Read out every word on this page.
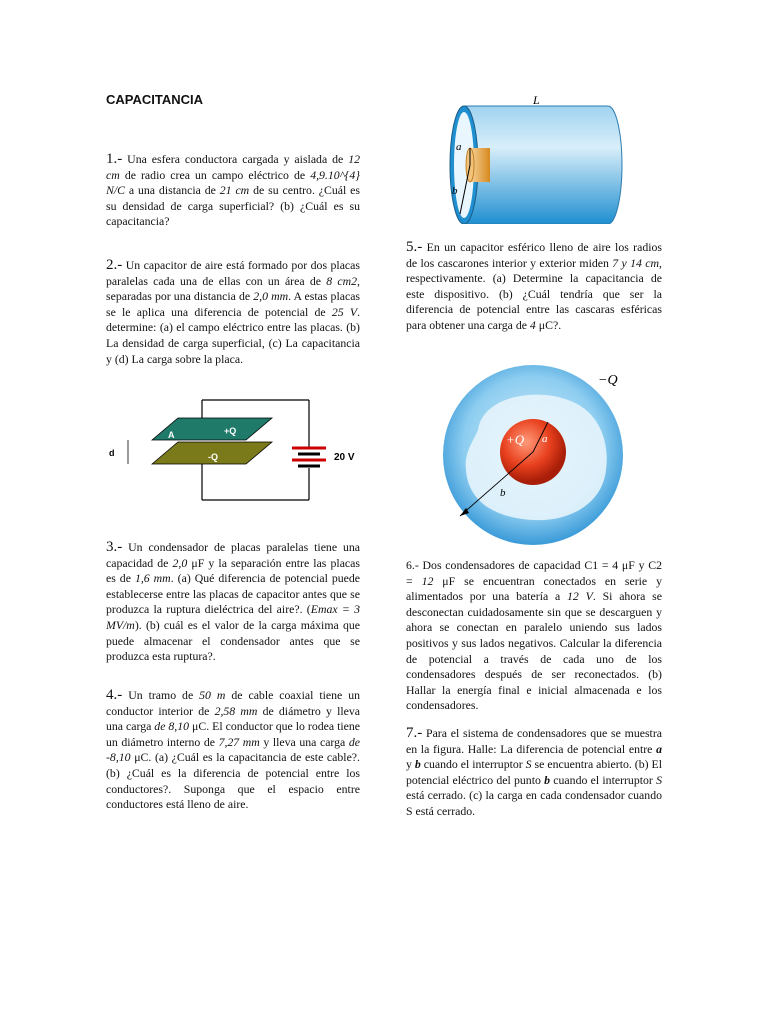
CAPACITANCIA
1.- Una esfera conductora cargada y aislada de 12 cm de radio crea un campo eléctrico de 4,9.10^{4} N/C a una distancia de 21 cm de su centro. ¿Cuál es su densidad de carga superficial? (b) ¿Cuál es su capacitancia?
2.- Un capacitor de aire está formado por dos placas paralelas cada una de ellas con un área de 8 cm2, separadas por una distancia de 2,0 mm. A estas placas se le aplica una diferencia de potencial de 25 V. determine: (a) el campo eléctrico entre las placas. (b) La densidad de carga superficial, (c) La capacitancia y (d) La carga sobre la placa.
+Q
A
-Q
d	20 V
3.- Un condensador de placas paralelas tiene una capacidad de 2,0 μF y la separación entre las placas es de 1,6 mm. (a) Qué diferencia de potencial puede establecerse entre las placas de capacitor antes que se produzca la ruptura dieléctrica del aire?. (Emax = 3 MV/m). (b) cuál es el valor de la carga máxima que puede almacenar el condensador antes que se produzca esta ruptura?.
4.- Un tramo de 50 m de cable coaxial tiene un conductor interior de 2,58 mm de diámetro y lleva una carga de 8,10 μC. El conductor que lo rodea tiene un diámetro interno de 7,27 mm y lleva una carga de -8,10 μC. (a) ¿Cuál es la capacitancia de este cable?. (b) ¿Cuál es la diferencia de potencial entre los conductores?. Suponga que el espacio entre conductores está lleno de aire.
L
a
b
5.- En un capacitor esférico lleno de aire los radios de los cascarones interior y exterior miden 7 y 14 cm, respectivamente. (a) Determine la capacitancia de este dispositivo. (b) ¿Cuál tendría que ser la diferencia de potencial entre las cascaras esféricas para obtener una carga de 4 μC?.
−Q
+Q a
b
6.- Dos condensadores de capacidad C1 = 4 μF y C2 = 12 μF se encuentran conectados en serie y alimentados por una batería a 12 V. Si ahora se desconectan cuidadosamente sin que se descarguen y ahora se conectan en paralelo uniendo sus lados positivos y sus lados negativos. Calcular la diferencia de potencial a través de cada uno de los condensadores después de ser reconectados. (b) Hallar la energía final e inicial almacenada e los condensadores.
7.- Para el sistema de condensadores que se muestra en la figura. Halle: La diferencia de potencial entre a y b cuando el interruptor S se encuentra abierto. (b) El potencial eléctrico del punto b cuando el interruptor S está cerrado. (c) la carga en cada condensador cuando S está cerrado.
